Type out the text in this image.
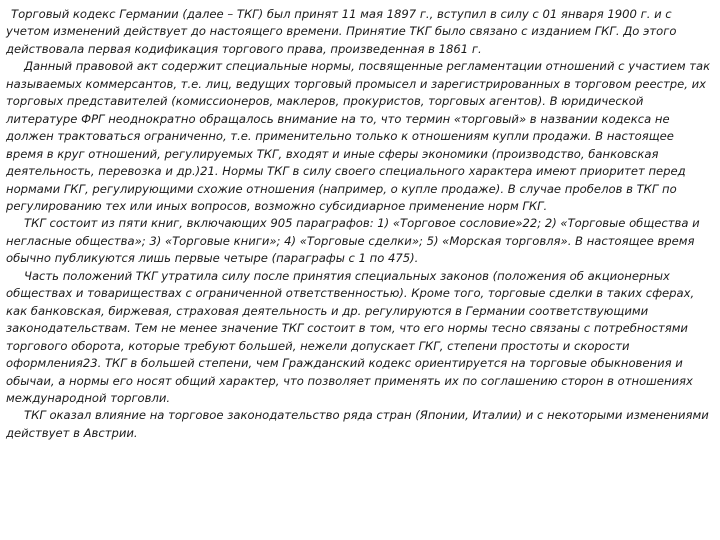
Торговый кодекс Германии (далее – ТКГ) был принят 11 мая 1897 г., вступил в силу с 01 января 1900 г. и с учетом изменений действует до настоящего времени. Принятие ТКГ было связано с изданием ГКГ. До этого действовала первая кодификация торгового права, произведенная в 1861 г.

Данный правовой акт содержит специальные нормы, посвященные регламентации отношений с участием так называемых коммерсантов, т.е. лиц, ведущих торговый промысел и зарегистрированных в торговом реестре, их торговых представителей (комиссионеров, маклеров, прокуристов, торговых агентов). В юридической литературе ФРГ неоднократно обращалось внимание на то, что термин «торговый» в названии кодекса не должен трактоваться ограниченно, т.е. применительно только к отношениям купли продажи. В настоящее время в круг отношений, регулируемых ТКГ, входят и иные сферы экономики (производство, банковская деятельность, перевозка и др.)21. Нормы ТКГ в силу своего специального характера имеют приоритет перед нормами ГКГ, регулирующими схожие отношения (например, о купле продаже). В случае пробелов в ТКГ по регулированию тех или иных вопросов, возможно субсидиарное применение норм ГКГ.

ТКГ состоит из пяти книг, включающих 905 параграфов: 1) «Торговое сословие»22; 2) «Торговые общества и негласные общества»; 3) «Торговые книги»; 4) «Торговые сделки»; 5) «Морская торговля». В настоящее время обычно публикуются лишь первые четыре (параграфы с 1 по 475).

Часть положений ТКГ утратила силу после принятия специальных законов (положения об акционерных обществах и товариществах с ограниченной ответственностью). Кроме того, торговые сделки в таких сферах, как банковская, биржевая, страховая деятельность и др. регулируются в Германии соответствующими законодательствам. Тем не менее значение ТКГ состоит в том, что его нормы тесно связаны с потребностями торгового оборота, которые требуют большей, нежели допускает ГКГ, степени простоты и скорости оформления23. ТКГ в большей степени, чем Гражданский кодекс ориентируется на торговые обыкновения и обычаи, а нормы его носят общий характер, что позволяет применять их по соглашению сторон в отношениях международной торговли.

ТКГ оказал влияние на торговое законодательство ряда стран (Японии, Италии) и с некоторыми изменениями действует в Австрии.
